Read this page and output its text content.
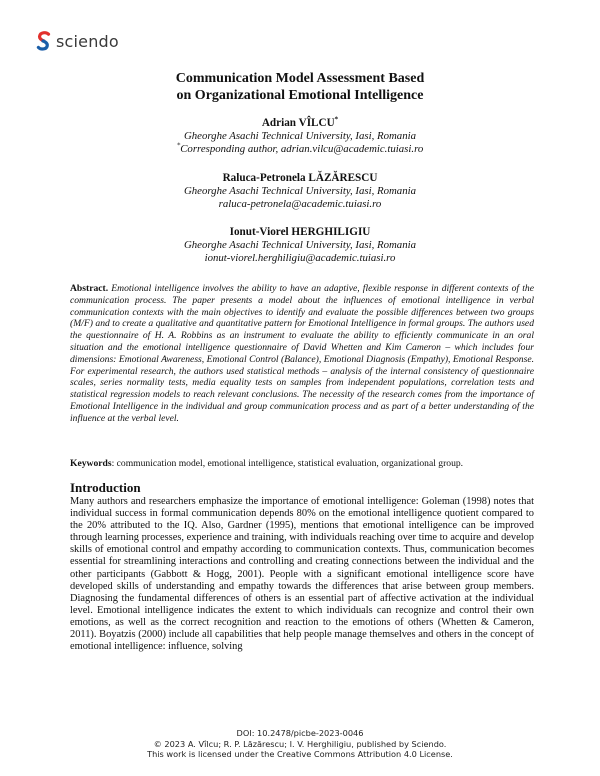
sciendo
Communication Model Assessment Based
on Organizational Emotional Intelligence
Adrian VÎLCU*
Gheorghe Asachi Technical University, Iasi, Romania
*Corresponding author, adrian.vilcu@academic.tuiasi.ro
Raluca-Petronela LĂZĂRESCU
Gheorghe Asachi Technical University, Iasi, Romania
raluca-petronela@academic.tuiasi.ro
Ionut-Viorel HERGHILIGIU
Gheorghe Asachi Technical University, Iasi, Romania
ionut-viorel.herghiligiu@academic.tuiasi.ro
Abstract. Emotional intelligence involves the ability to have an adaptive, flexible response in different contexts of the communication process. The paper presents a model about the influences of emotional intelligence in verbal communication contexts with the main objectives to identify and evaluate the possible differences between two groups (M/F) and to create a qualitative and quantitative pattern for Emotional Intelligence in formal groups. The authors used the questionnaire of H. A. Robbins as an instrument to evaluate the ability to efficiently communicate in an oral situation and the emotional intelligence questionnaire of David Whetten and Kim Cameron – which includes four dimensions: Emotional Awareness, Emotional Control (Balance), Emotional Diagnosis (Empathy), Emotional Response. For experimental research, the authors used statistical methods – analysis of the internal consistency of questionnaire scales, series normality tests, media equality tests on samples from independent populations, correlation tests and statistical regression models to reach relevant conclusions. The necessity of the research comes from the importance of Emotional Intelligence in the individual and group communication process and as part of a better understanding of the influence at the verbal level.
Keywords: communication model, emotional intelligence, statistical evaluation, organizational group.
Introduction
Many authors and researchers emphasize the importance of emotional intelligence: Goleman (1998) notes that individual success in formal communication depends 80% on the emotional intelligence quotient compared to the 20% attributed to the IQ. Also, Gardner (1995), mentions that emotional intelligence can be improved through learning processes, experience and training, with individuals reaching over time to acquire and develop skills of emotional control and empathy according to communication contexts. Thus, communication becomes essential for streamlining interactions and controlling and creating connections between the individual and the other participants (Gabbott & Hogg, 2001). People with a significant emotional intelligence score have developed skills of understanding and empathy towards the differences that arise between group members. Diagnosing the fundamental differences of others is an essential part of affective activation at the individual level. Emotional intelligence indicates the extent to which individuals can recognize and control their own emotions, as well as the correct recognition and reaction to the emotions of others (Whetten & Cameron, 2011). Boyatzis (2000) include all capabilities that help people manage themselves and others in the concept of emotional intelligence: influence, solving
DOI: 10.2478/picbe-2023-0046
© 2023 A. Vîlcu; R. P. Lăzărescu; I. V. Herghiligiu, published by Sciendo.
This work is licensed under the Creative Commons Attribution 4.0 License.
